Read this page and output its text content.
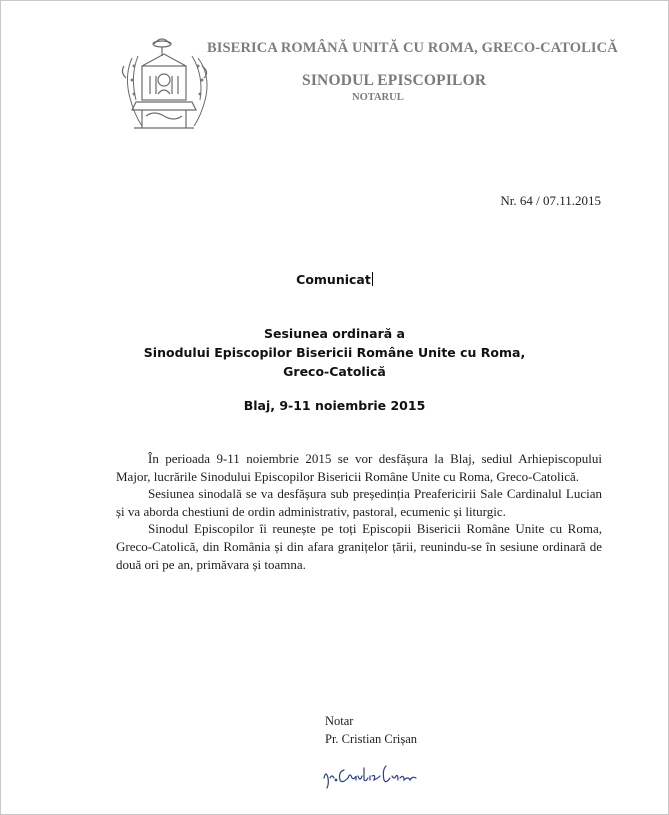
BISERICA ROMÂNĂ UNITĂ CU ROMA, GRECO-CATOLICĂ
SINODUL EPISCOPILOR
NOTARUL
Nr. 64 / 07.11.2015
Comunicat
Sesiunea ordinară a
Sinodului Episcopilor Bisericii Române Unite cu Roma,
Greco-Catolică
Blaj, 9-11 noiembrie 2015

În perioada 9-11 noiembrie 2015 se vor desfășura la Blaj, sediul Arhiepiscopului Major, lucrările Sinodului Episcopilor Bisericii Române Unite cu Roma, Greco-Catolică.

Sesiunea sinodală se va desfășura sub președinția Preafericirii Sale Cardinalul Lucian și va aborda chestiuni de ordin administrativ, pastoral, ecumenic și liturgic.

Sinodul Episcopilor îi reunește pe toți Episcopii Bisericii Române Unite cu Roma, Greco-Catolică, din România și din afara granițelor țării, reunindu-se în sesiune ordinară de două ori pe an, primăvara și toamna.

Notar
Pr. Cristian Crișan
